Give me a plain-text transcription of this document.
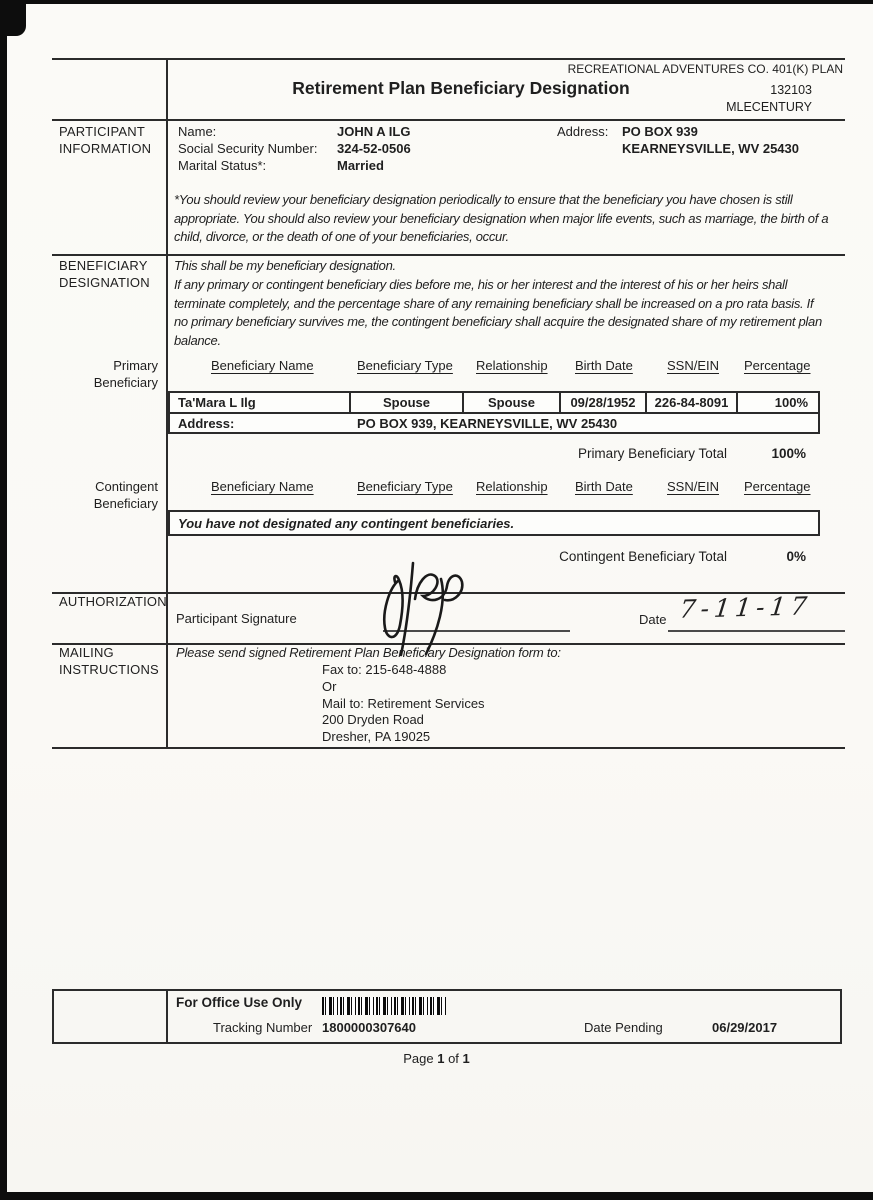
RECREATIONAL ADVENTURES CO. 401(K) PLAN
Retirement Plan Beneficiary Designation	132103
MLECENTURY
PARTICIPANT
INFORMATION
Name:	JOHN A ILG
Social Security Number: 324-52-0506
Marital Status*:	Married
Address: PO BOX 939
KEARNEYSVILLE, WV 25430
*You should review your beneficiary designation periodically to ensure that the beneficiary you have chosen is still appropriate. You should also review your beneficiary designation when major life events, such as marriage, the birth of a child, divorce, or the death of one of your beneficiaries, occur.
BENEFICIARY
DESIGNATION
This shall be my beneficiary designation.
If any primary or contingent beneficiary dies before me, his or her interest and the interest of his or her heirs shall terminate completely, and the percentage share of any remaining beneficiary shall be increased on a pro rata basis. If no primary beneficiary survives me, the contingent beneficiary shall acquire the designated share of my retirement plan balance.
Primary
Beneficiary
Beneficiary Name	Beneficiary Type Relationship Birth Date	SSN/EIN Percentage
Ta'Mara L Ilg	Spouse	Spouse	09/28/1952	226-84-8091	100%
Address:	PO BOX 939, KEARNEYSVILLE, WV 25430
Primary Beneficiary Total	100%
Contingent
Beneficiary
Beneficiary Name	Beneficiary Type Relationship Birth Date	SSN/EIN Percentage
You have not designated any contingent beneficiaries.
Contingent Beneficiary Total	0%
AUTHORIZATION
Participant Signature	Date 7-11-17
MAILING
INSTRUCTIONS
Please send signed Retirement Plan Beneficiary Designation form to:
Fax to: 215-648-4888
Or
Mail to: Retirement Services
200 Dryden Road
Dresher, PA 19025
For Office Use Only
Tracking Number 1800000307640	Date Pending	06/29/2017
Page 1 of 1
